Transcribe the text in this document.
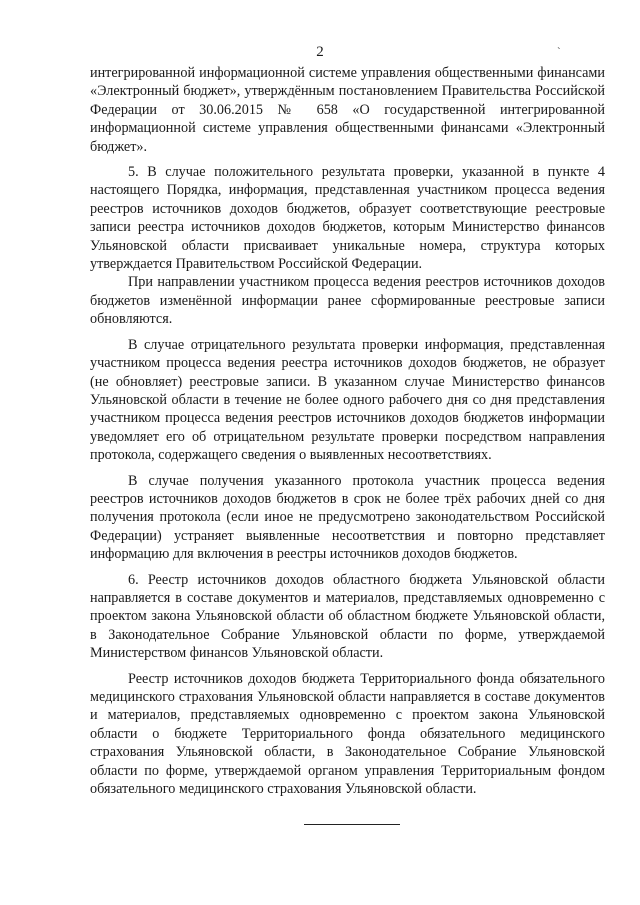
2	ˋ

интегрированной информационной системе управления общественными финансами «Электронный бюджет», утверждённым постановлением Правительства Российской Федерации от 30.06.2015 № 658 «О государственной интегрированной информационной системе управления общественными финансами «Электронный бюджет».

5. В случае положительного результата проверки, указанной в пункте 4 настоящего Порядка, информация, представленная участником процесса ведения реестров источников доходов бюджетов, образует соответствующие реестровые записи реестра источников доходов бюджетов, которым Министерство финансов Ульяновской области присваивает уникальные номера, структура которых утверждается Правительством Российской Федерации.

При направлении участником процесса ведения реестров источников доходов бюджетов изменённой информации ранее сформированные реестровые записи обновляются.

В случае отрицательного результата проверки информация, представленная участником процесса ведения реестра источников доходов бюджетов, не образует (не обновляет) реестровые записи. В указанном случае Министерство финансов Ульяновской области в течение не более одного рабочего дня со дня представления участником процесса ведения реестров источников доходов бюджетов информации уведомляет его об отрицательном результате проверки посредством направления протокола, содержащего сведения о выявленных несоответствиях.

В случае получения указанного протокола участник процесса ведения реестров источников доходов бюджетов в срок не более трёх рабочих дней со дня получения протокола (если иное не предусмотрено законодательством Российской Федерации) устраняет выявленные несоответствия и повторно представляет информацию для включения в реестры источников доходов бюджетов.

6. Реестр источников доходов областного бюджета Ульяновской области направляется в составе документов и материалов, представляемых одновременно с проектом закона Ульяновской области об областном бюджете Ульяновской области, в Законодательное Собрание Ульяновской области по форме, утверждаемой Министерством финансов Ульяновской области.

Реестр источников доходов бюджета Территориального фонда обязательного медицинского страхования Ульяновской области направляется в составе документов и материалов, представляемых одновременно с проектом закона Ульяновской области о бюджете Территориального фонда обязательного медицинского страхования Ульяновской области, в Законодательное Собрание Ульяновской области по форме, утверждаемой органом управления Территориальным фондом обязательного медицинского страхования Ульяновской области.
